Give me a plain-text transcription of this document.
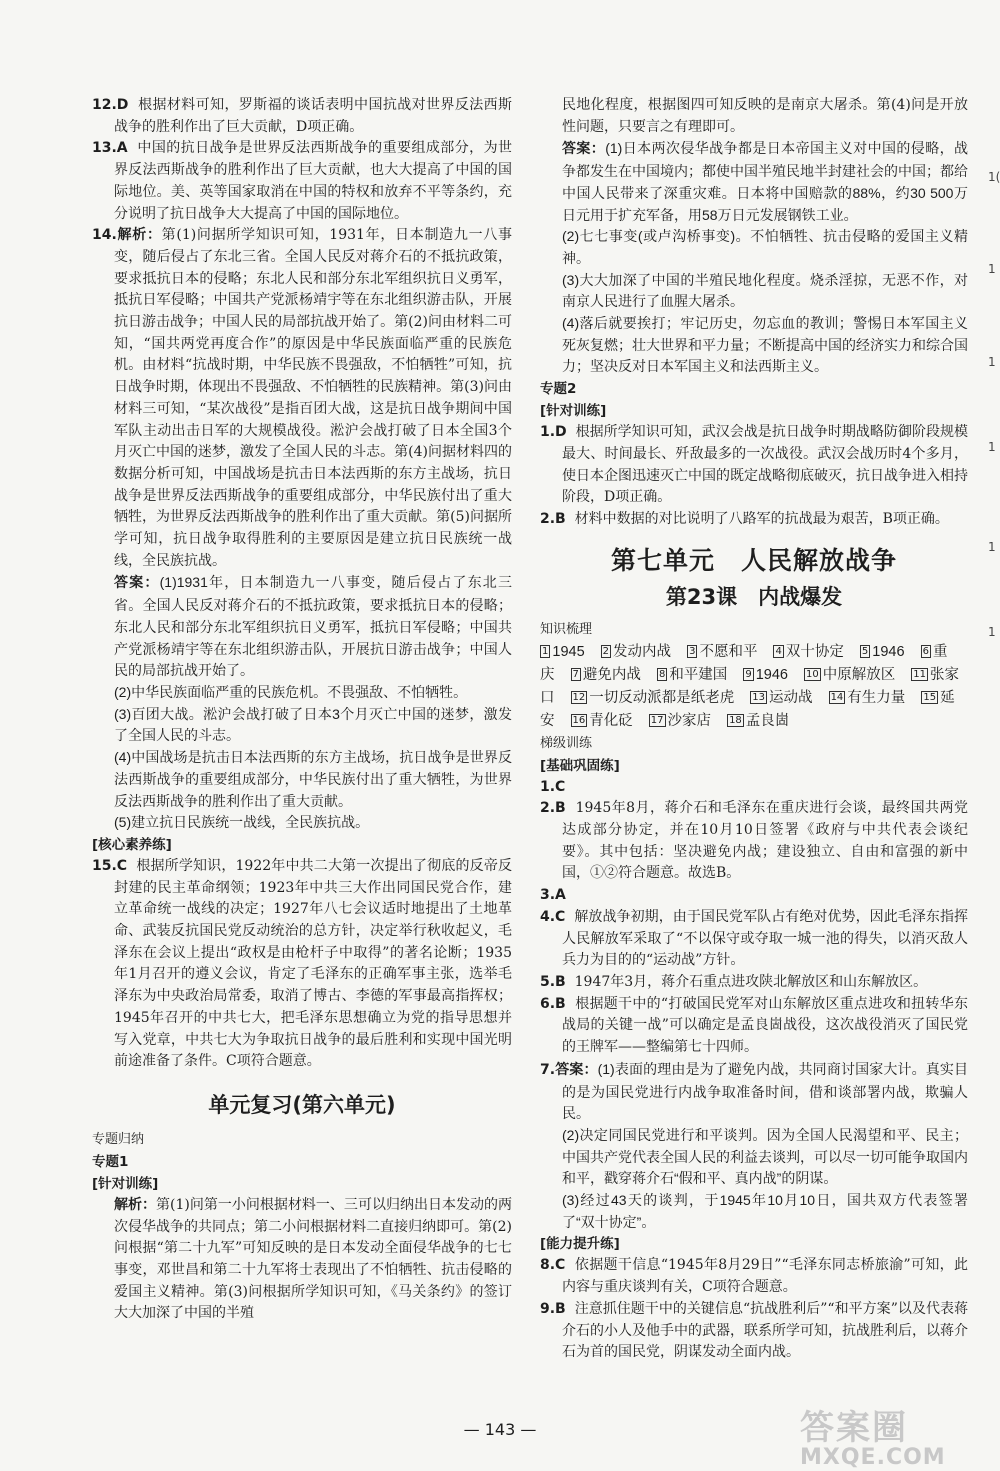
12.D 根据材料可知，罗斯福的谈话表明中国抗战对世界反法西斯战争的胜利作出了巨大贡献，D项正确。

13.A 中国的抗日战争是世界反法西斯战争的重要组成部分，为世界反法西斯战争的胜利作出了巨大贡献，也大大提高了中国的国际地位。美、英等国家取消在中国的特权和放弃不平等条约，充分说明了抗日战争大大提高了中国的国际地位。

14.解析：第(1)问据所学知识可知，1931年，日本制造九一八事变，随后侵占了东北三省。全国人民反对蒋介石的不抵抗政策，要求抵抗日本的侵略；东北人民和部分东北军组织抗日义勇军，抵抗日军侵略；中国共产党派杨靖宇等在东北组织游击队，开展抗日游击战争；中国人民的局部抗战开始了。第(2)问由材料二可知，“国共两党再度合作”的原因是中华民族面临严重的民族危机。由材料“抗战时期，中华民族不畏强敌，不怕牺牲”可知，抗日战争时期，体现出不畏强敌、不怕牺牲的民族精神。第(3)问由材料三可知，“某次战役”是指百团大战，这是抗日战争期间中国军队主动出击日军的大规模战役。淞沪会战打破了日本全国3个月灭亡中国的迷梦，激发了全国人民的斗志。第(4)问据材料四的数据分析可知，中国战场是抗击日本法西斯的东方主战场，抗日战争是世界反法西斯战争的重要组成部分，中华民族付出了重大牺牲，为世界反法西斯战争的胜利作出了重大贡献。第(5)问据所学可知，抗日战争取得胜利的主要原因是建立抗日民族统一战线，全民族抗战。

答案：(1)1931年，日本制造九一八事变，随后侵占了东北三省。全国人民反对蒋介石的不抵抗政策，要求抵抗日本的侵略；东北人民和部分东北军组织抗日义勇军，抵抗日军侵略；中国共产党派杨靖宇等在东北组织游击队，开展抗日游击战争；中国人民的局部抗战开始了。

(2)中华民族面临严重的民族危机。不畏强敌、不怕牺牲。

(3)百团大战。淞沪会战打破了日本3个月灭亡中国的迷梦，激发了全国人民的斗志。

(4)中国战场是抗击日本法西斯的东方主战场，抗日战争是世界反法西斯战争的重要组成部分，中华民族付出了重大牺牲，为世界反法西斯战争的胜利作出了重大贡献。

(5)建立抗日民族统一战线，全民族抗战。

[核心素养练]

15.C 根据所学知识，1922年中共二大第一次提出了彻底的反帝反封建的民主革命纲领；1923年中共三大作出同国民党合作，建立革命统一战线的决定；1927年八七会议适时地提出了土地革命、武装反抗国民党反动统治的总方针，决定举行秋收起义，毛泽东在会议上提出“政权是由枪杆子中取得”的著名论断；1935年1月召开的遵义会议，肯定了毛泽东的正确军事主张，选举毛泽东为中央政治局常委，取消了博古、李德的军事最高指挥权；1945年召开的中共七大，把毛泽东思想确立为党的指导思想并写入党章，中共七大为争取抗日战争的最后胜利和实现中国光明前途准备了条件。C项符合题意。

单元复习(第六单元)

专题归纳

专题1

[针对训练]

解析：第(1)问第一小问根据材料一、三可以归纳出日本发动的两次侵华战争的共同点；第二小问根据材料二直接归纳即可。第(2)问根据“第二十九军”可知反映的是日本发动全面侵华战争的七七事变，邓世昌和第二十九军将士表现出了不怕牺牲、抗击侵略的爱国主义精神。第(3)问根据所学知识可知，《马关条约》的签订大大加深了中国的半殖

民地化程度，根据图四可知反映的是南京大屠杀。第(4)问是开放性问题，只要言之有理即可。

答案：(1)日本两次侵华战争都是日本帝国主义对中国的侵略，战争都发生在中国境内；都使中国半殖民地半封建社会的中国；都给中国人民带来了深重灾难。日本将中国赔款的88%，约30 500万日元用于扩充军备，用58万日元发展钢铁工业。

(2)七七事变(或卢沟桥事变)。不怕牺牲、抗击侵略的爱国主义精神。

(3)大大加深了中国的半殖民地化程度。烧杀淫掠，无恶不作，对南京人民进行了血腥大屠杀。

(4)落后就要挨打；牢记历史，勿忘血的教训；警惕日本军国主义死灰复燃；壮大世界和平力量；不断提高中国的经济实力和综合国力；坚决反对日本军国主义和法西斯主义。

专题2

[针对训练]

1.D 根据所学知识可知，武汉会战是抗日战争时期战略防御阶段规模最大、时间最长、歼敌最多的一次战役。武汉会战历时4个多月，使日本企图迅速灭亡中国的既定战略彻底破灭，抗日战争进入相持阶段，D项正确。

2.B 材料中数据的对比说明了八路军的抗战最为艰苦，B项正确。

第七单元　人民解放战争
第23课　内战爆发

知识梳理

1 1945 2 发动内战 3 不愿和平 4 双十协定 5 1946 6 重庆 7 避免内战 8 和平建国 9 1946 10 中原解放区 11 张家口 12 一切反动派都是纸老虎 13 运动战 14 有生力量 15 延安 16 青化砭 17 沙家店 18 孟良崮

梯级训练

[基础巩固练]

1.C

2.B 1945年8月，蒋介石和毛泽东在重庆进行会谈，最终国共两党达成部分协定，并在10月10日签署《政府与中共代表会谈纪要》。其中包括：坚决避免内战；建设独立、自由和富强的新中国，①②符合题意。故选B。

3.A

4.C 解放战争初期，由于国民党军队占有绝对优势，因此毛泽东指挥人民解放军采取了“不以保守或夺取一城一池的得失，以消灭敌人兵力为目的的“运动战”方针。

5.B 1947年3月，蒋介石重点进攻陕北解放区和山东解放区。

6.B 根据题干中的“打破国民党军对山东解放区重点进攻和扭转华东战局的关键一战”可以确定是孟良崮战役，这次战役消灭了国民党的王牌军——整编第七十四师。

7.答案：(1)表面的理由是为了避免内战，共同商讨国家大计。真实目的是为国民党进行内战争取准备时间，借和谈部署内战，欺骗人民。

(2)决定同国民党进行和平谈判。因为全国人民渴望和平、民主；中国共产党代表全国人民的利益去谈判，可以尽一切可能争取国内和平，戳穿蒋介石“假和平、真内战”的阴谋。

(3)经过43天的谈判，于1945年10月10日，国共双方代表签署了“双十协定”。

[能力提升练]

8.C 依据题干信息“1945年8月29日”“毛泽东同志桥旅渝”可知，此内容与重庆谈判有关，C项符合题意。

9.B 注意抓住题干中的关键信息“抗战胜利后”“和平方案”以及代表蒋介石的小人及他手中的武器，联系所学可知，抗战胜利后，以蒋介石为首的国民党，阴谋发动全面内战。

1(
1
1
1
1
1
— 143 —	答案圈
MXQE.COM
